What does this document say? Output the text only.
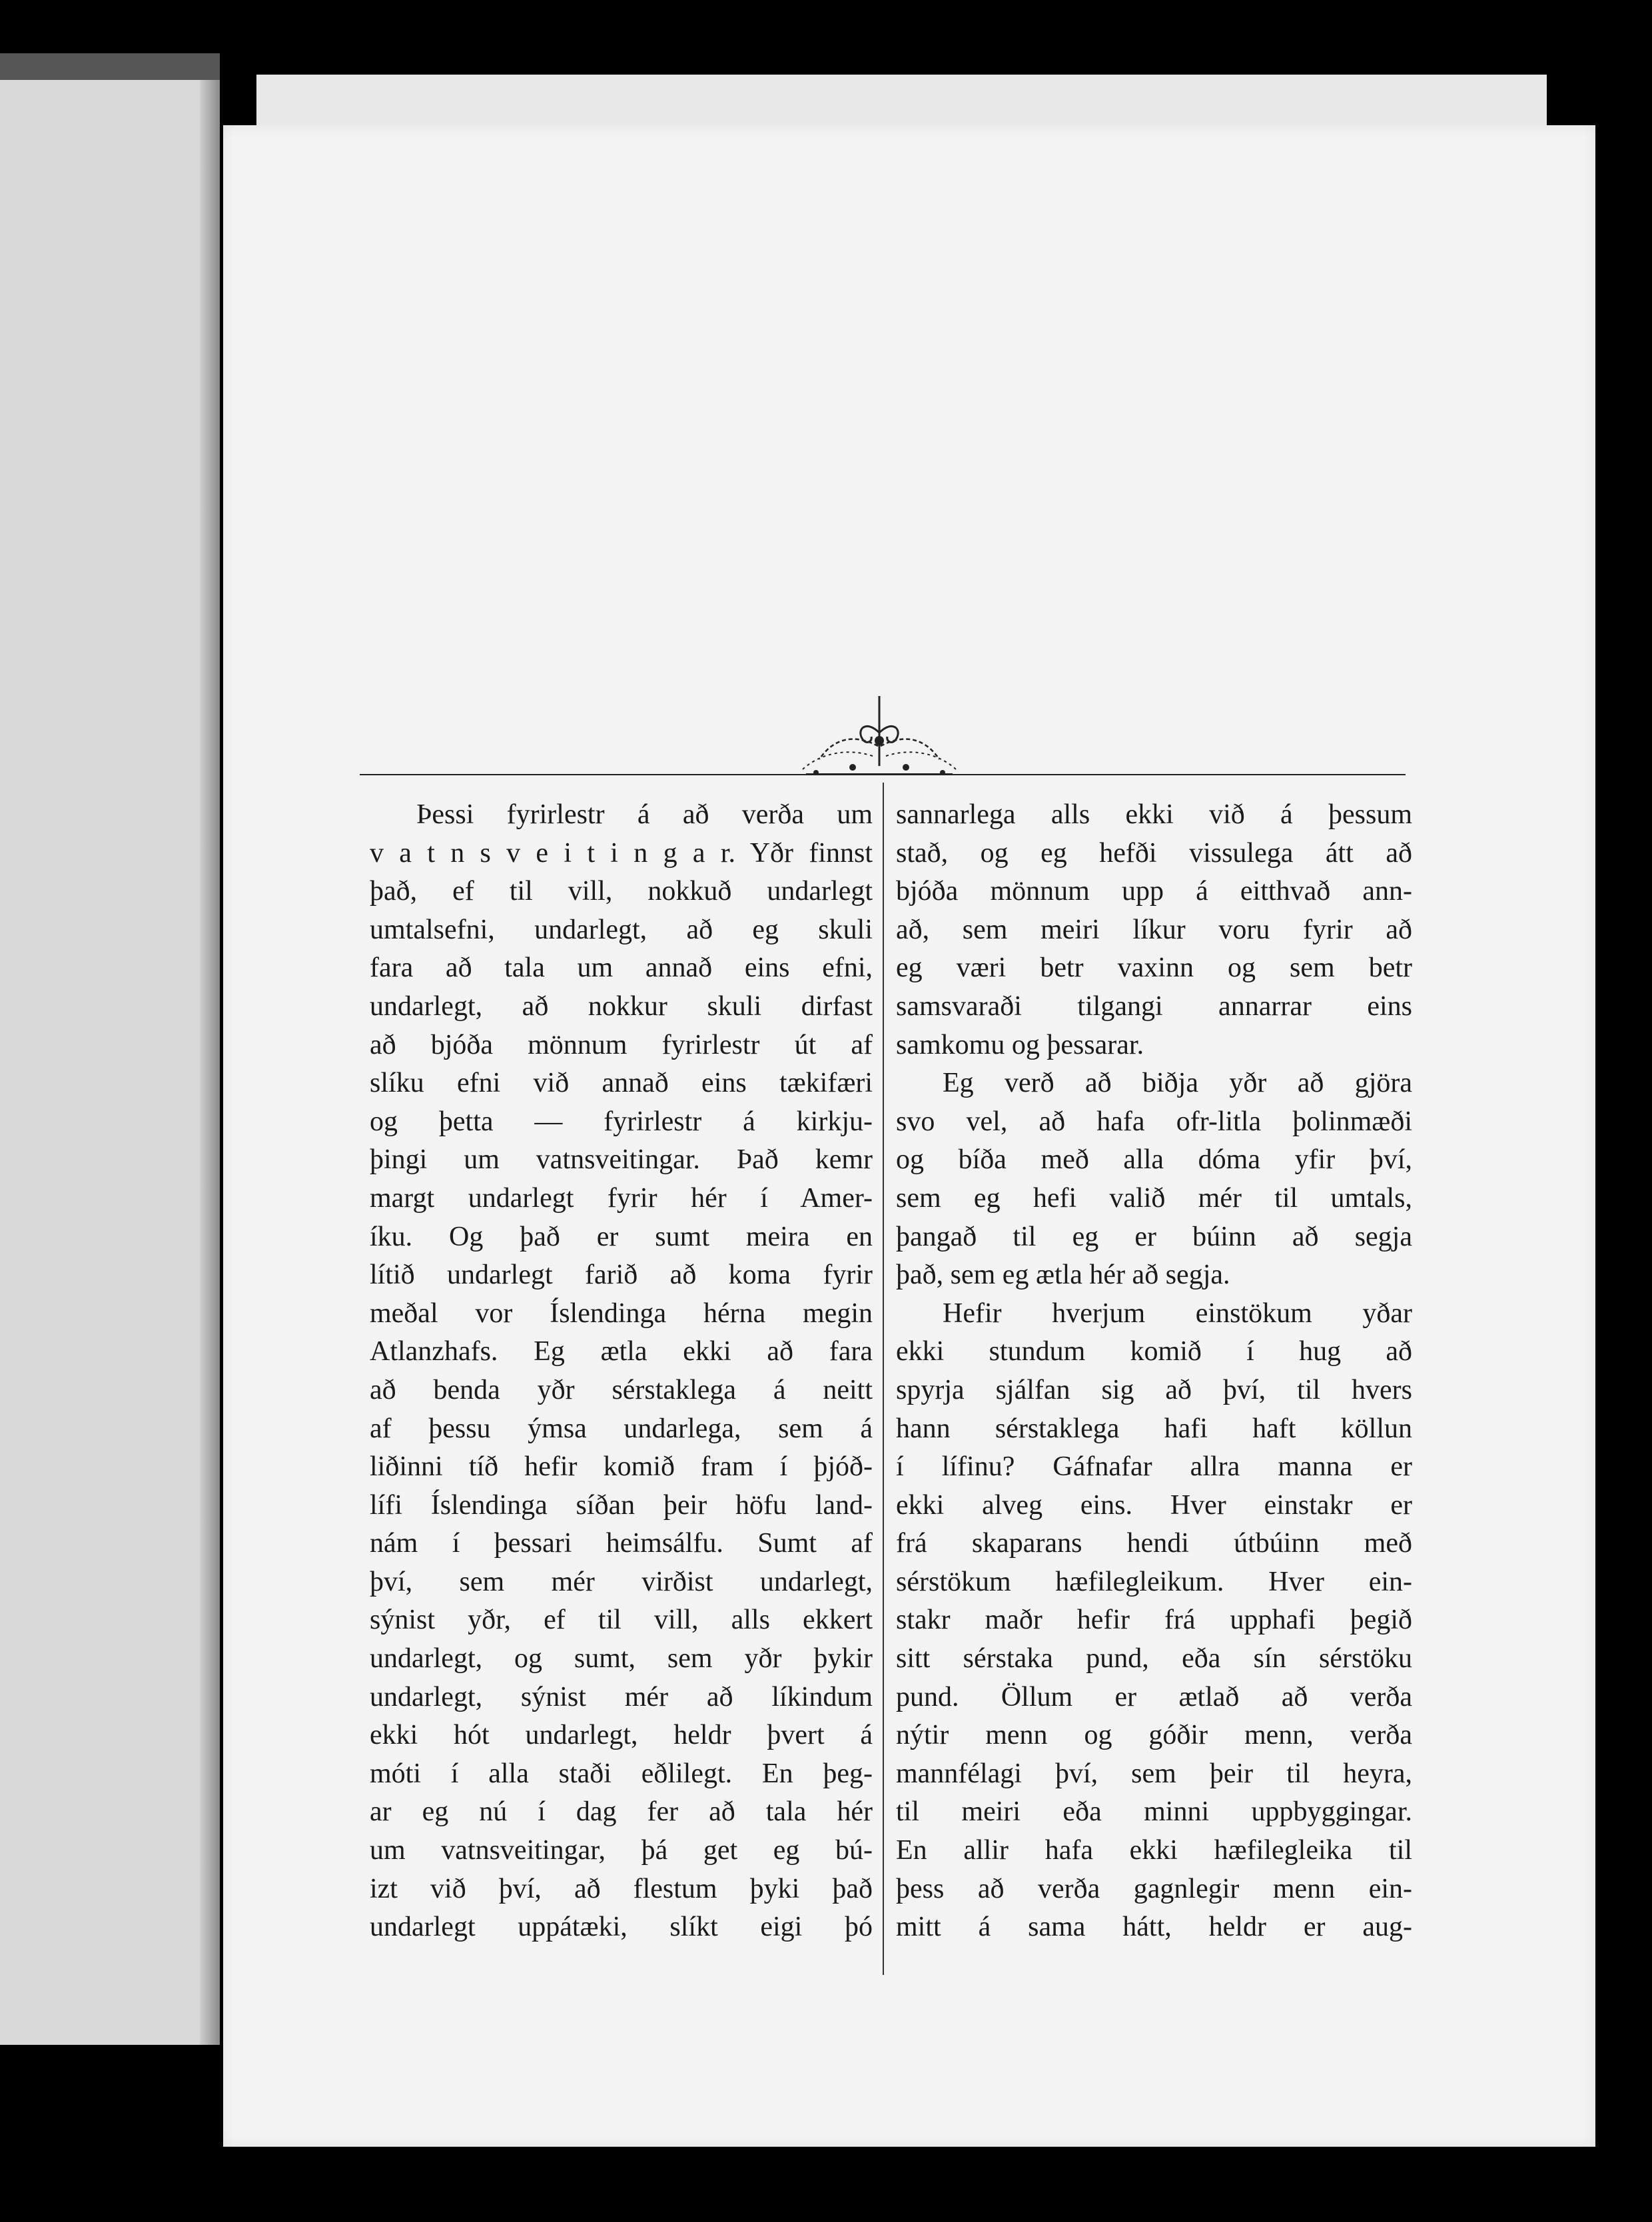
Þessi fyrirlestr á að verða um
v a t n s v e i t i n g a r. Yðr finnst
það, ef til vill, nokkuð undarlegt
umtalsefni, undarlegt, að eg skuli
fara að tala um annað eins efni,
undarlegt, að nokkur skuli dirfast
að bjóða mönnum fyrirlestr út af
slíku efni við annað eins tækifæri
og þetta — fyrirlestr á kirkju-
þingi um vatnsveitingar. Það kemr
margt undarlegt fyrir hér í Amer-
íku. Og það er sumt meira en
lítið undarlegt farið að koma fyrir
meðal vor Íslendinga hérna megin
Atlanzhafs. Eg ætla ekki að fara
að benda yðr sérstaklega á neitt
af þessu ýmsa undarlega, sem á
liðinni tíð hefir komið fram í þjóð-
lífi Íslendinga síðan þeir höfu land-
nám í þessari heimsálfu. Sumt af
því, sem mér virðist undarlegt,
sýnist yðr, ef til vill, alls ekkert
undarlegt, og sumt, sem yðr þykir
undarlegt, sýnist mér að líkindum
ekki hót undarlegt, heldr þvert á
móti í alla staði eðlilegt. En þeg-
ar eg nú í dag fer að tala hér
um vatnsveitingar, þá get eg bú-
izt við því, að flestum þyki það
undarlegt uppátæki, slíkt eigi þó
sannarlega alls ekki við á þessum
stað, og eg hefði vissulega átt að
bjóða mönnum upp á eitthvað ann-
að, sem meiri líkur voru fyrir að
eg væri betr vaxinn og sem betr
samsvaraði tilgangi annarrar eins
samkomu og þessarar.
Eg verð að biðja yðr að gjöra
svo vel, að hafa ofr-litla þolinmæði
og bíða með alla dóma yfir því,
sem eg hefi valið mér til umtals,
þangað til eg er búinn að segja
það, sem eg ætla hér að segja.
Hefir hverjum einstökum yðar
ekki stundum komið í hug að
spyrja sjálfan sig að því, til hvers
hann sérstaklega hafi haft köllun
í lífinu? Gáfnafar allra manna er
ekki alveg eins. Hver einstakr er
frá skaparans hendi útbúinn með
sérstökum hæfilegleikum. Hver ein-
stakr maðr hefir frá upphafi þegið
sitt sérstaka pund, eða sín sérstöku
pund. Öllum er ætlað að verða
nýtir menn og góðir menn, verða
mannfélagi því, sem þeir til heyra,
til meiri eða minni uppbyggingar.
En allir hafa ekki hæfilegleika til
þess að verða gagnlegir menn ein-
mitt á sama hátt, heldr er aug-
